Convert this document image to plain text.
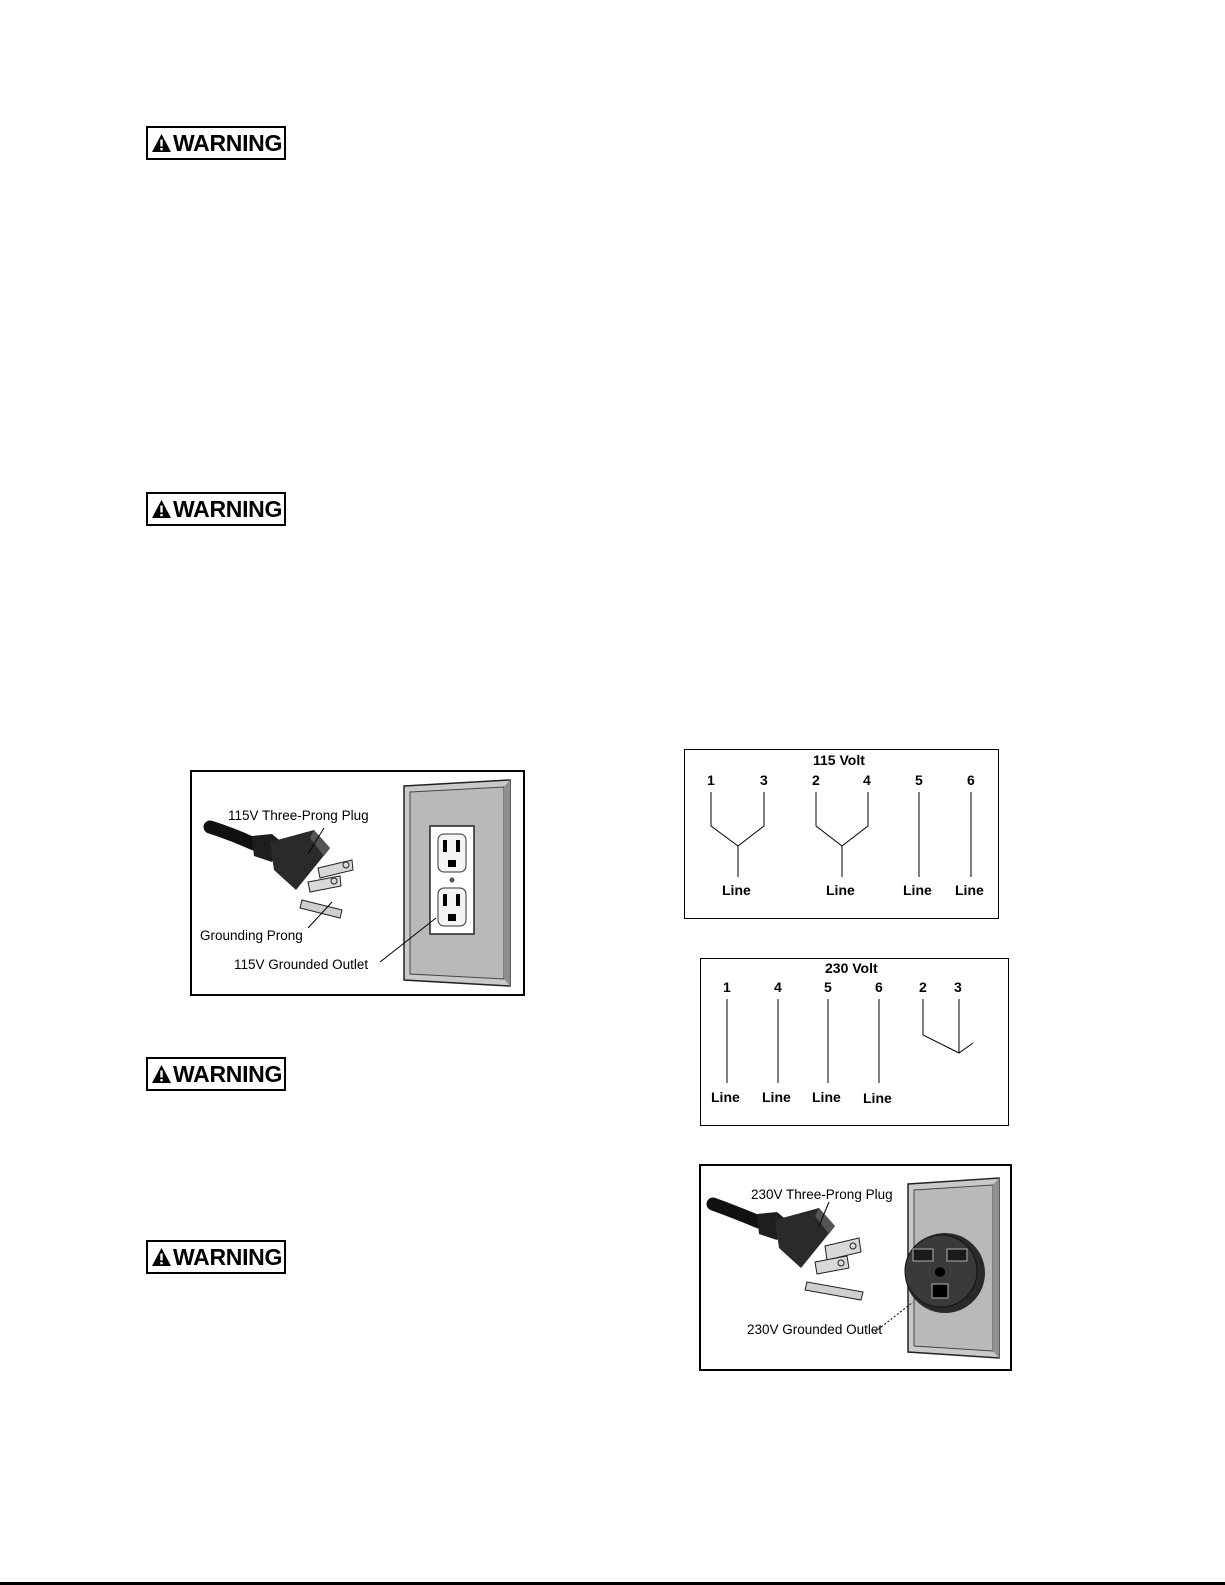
WARNING
WARNING
WARNING
WARNING
115V Three-Prong Plug
Grounding Prong
115V Grounded Outlet
115 Volt
1	3	2	4	5	6
Line	Line	Line Line
230 Volt
1	4	5	6	2 3
Line Line Line Line
230V Three-Prong Plug
230V Grounded Outlet
